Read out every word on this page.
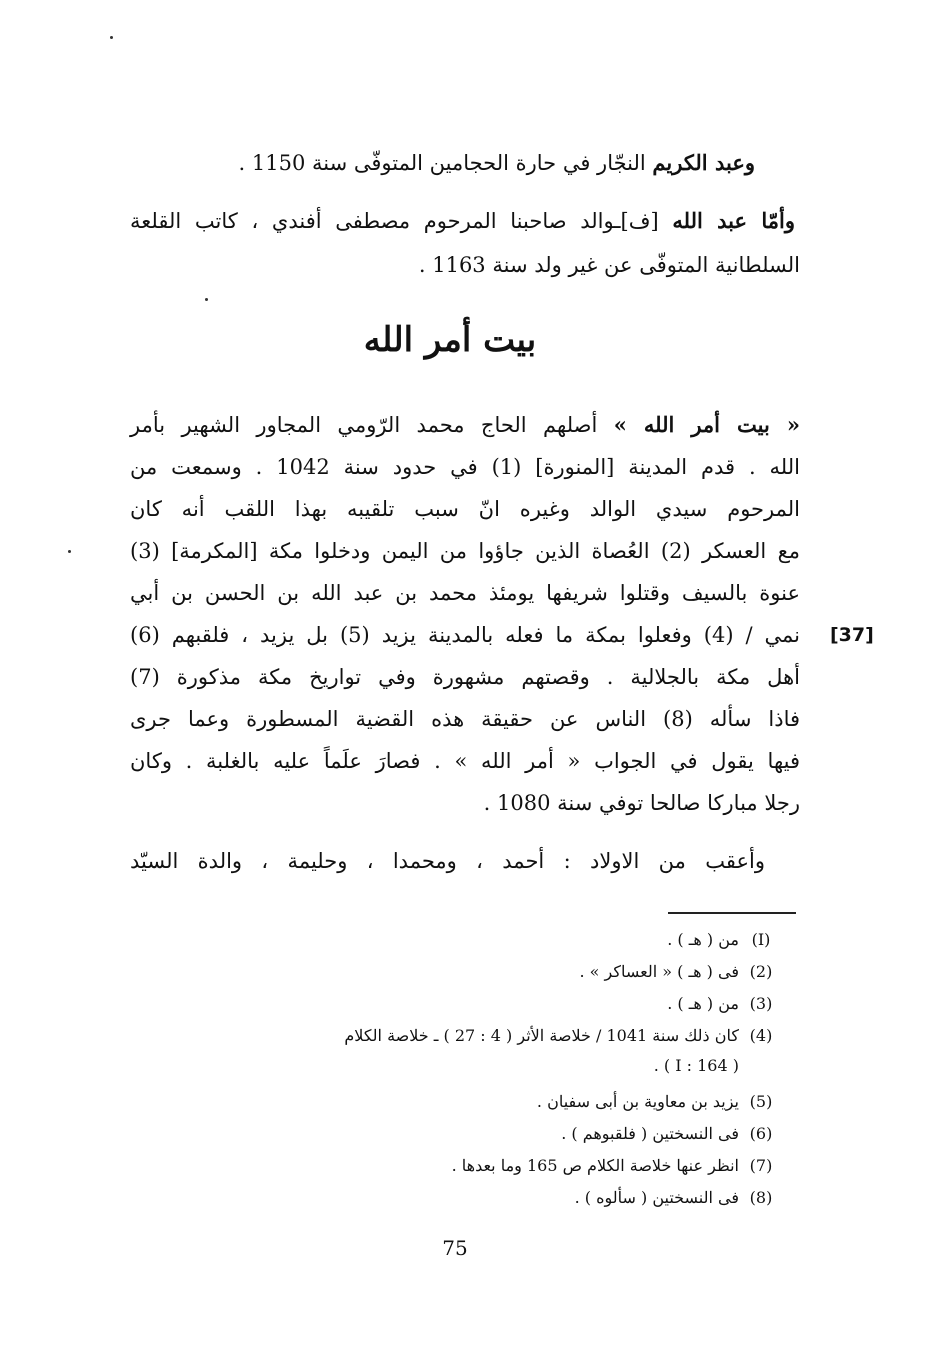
وعبد الكريم النجّار في حارة الحجامين المتوفّى سنة 1150 .
وأمّا عبد الله [ف]ـوالد صاحبنا المرحوم مصطفى أفندي ، كاتب القلعة
السلطانية المتوفّى عن غير ولد سنة 1163 .
بيت أمر الله
[37]
« بيت أمر الله » أصلهم الحاج محمد الرّومي المجاور الشهير بأمر
الله . قدم المدينة [المنورة] (1) في حدود سنة 1042 . وسمعت من
المرحوم سيدي الوالد وغيره انّ سبب تلقيبه بهذا اللقب أنه كان
مع العسكر (2) العُصاة الذين جاؤوا من اليمن ودخلوا مكة [المكرمة] (3)
عنوة بالسيف وقتلوا شريفها يومئذ محمد بن عبد الله بن الحسن بن أبي
نمي / (4) وفعلوا بمكة ما فعله بالمدينة يزيد (5) بل يزيد ، فلقبهم (6)
أهل مكة بالجلالية . وقصتهم مشهورة وفي تواريخ مكة مذكورة (7)
فاذا سأله (8) الناس عن حقيقة هذه القضية المسطورة وعما جرى
فيها يقول في الجواب « أمر الله » . فصارَ علَماً عليه بالغلبة . وكان
رجلا مباركا صالحا توفي سنة 1080 .
وأعقب من الاولاد : أحمد ، ومحمدا ، وحليمة ، والدة السيّد
(I)من ( هـ ) .
(2)فى ( هـ ) « العساكر » .
(3)من ( هـ ) .
(4)كان ذلك سنة 1041 / خلاصة الأثر ( 4 : 27 ) ـ خلاصة الكلام
( 164 : I ) .
(5)يزيد بن معاوية بن أبى سفيان .
(6)فى النسختين ( فلقبوهم ) .
(7)انظر عنها خلاصة الكلام ص 165 وما بعدها .
(8)فى النسختين ( سألوه ) .
75
